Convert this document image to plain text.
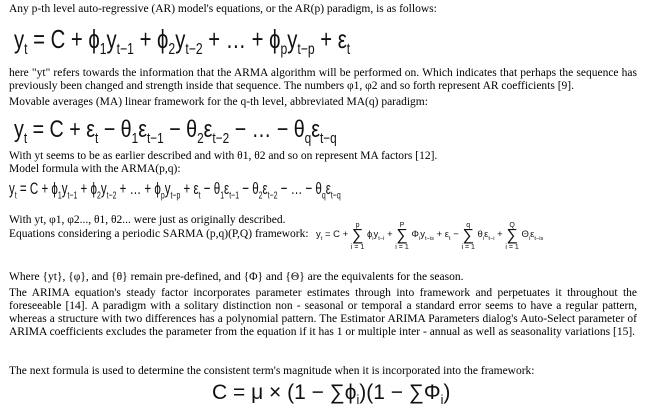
Any p-th level auto-regressive (AR) model's equations, or the AR(p) paradigm, is as follows:
$y_t = C + \phi_1y_{t-1} + \phi_2y_{t-2}$ + … + $\phi_py_{t-p} + \varepsilon_t$
here "yt" refers towards the information that the ARMA algorithm will be performed on. Which indicates that perhaps the sequence has previously been changed and strength inside that sequence. The numbers φ1, φ2 and so forth represent AR coefficients [9].
Movable averages (MA) linear framework for the q-th level, abbreviated MA(q) paradigm:
$y_t = C + \varepsilon_t - \theta_1\varepsilon_{t-1} - \theta_2\varepsilon_{t-2}$ − … − $\theta_q\varepsilon_{t-q}$
With yt seems to be as earlier described and with θ1, θ2 and so on represent MA factors [12].
Model formula with the ARMA(p,q):
$y_t = C + \phi_1y_{t-1} + \phi_2y_{t-2}$ + … + $\phi_py_{t-p} + \varepsilon_t - \theta_1\varepsilon_{t-1} - \theta_2\varepsilon_{t-2}$ − … − $\theta_q\varepsilon_{t-q}$
With yt, φ1, φ2..., θ1, θ2... were just as originally described.
Equations considering a periodic SARMA (p,q)(P,Q) framework: $y_t = C$ +
p
∑
i = 1
$\phi_iy_{t-i}$ +
P
∑
i = 1
$\Phi_iy_{t-is} + \varepsilon_t$ −
q
∑
i = 1
$\theta_i\varepsilon_{t-i}$ +
Q
∑
i = 1
$\Theta_i\varepsilon_{t-is}$
Where {yt}, {φ}, and {θ} remain pre-defined, and {Φ} and {Θ} are the equivalents for the season.
The ARIMA equation's steady factor incorporates parameter estimates through into framework and perpetuates it throughout the foreseeable [14]. A paradigm with a solitary distinction non - seasonal or temporal a standard error seems to have a regular pattern, whereas a structure with two differences has a polynomial pattern. The Estimator ARIMA Parameters dialog's Auto-Select parameter of ARIMA coefficients excludes the parameter from the equation if it has 1 or multiple inter - annual as well as seasonality variations [15].
The next formula is used to determine the consistent term's magnitude when it is incorporated into the framework:
$C = \mu \times (1 - \sum\phi_i)(1 - \sum\Phi_i)$
